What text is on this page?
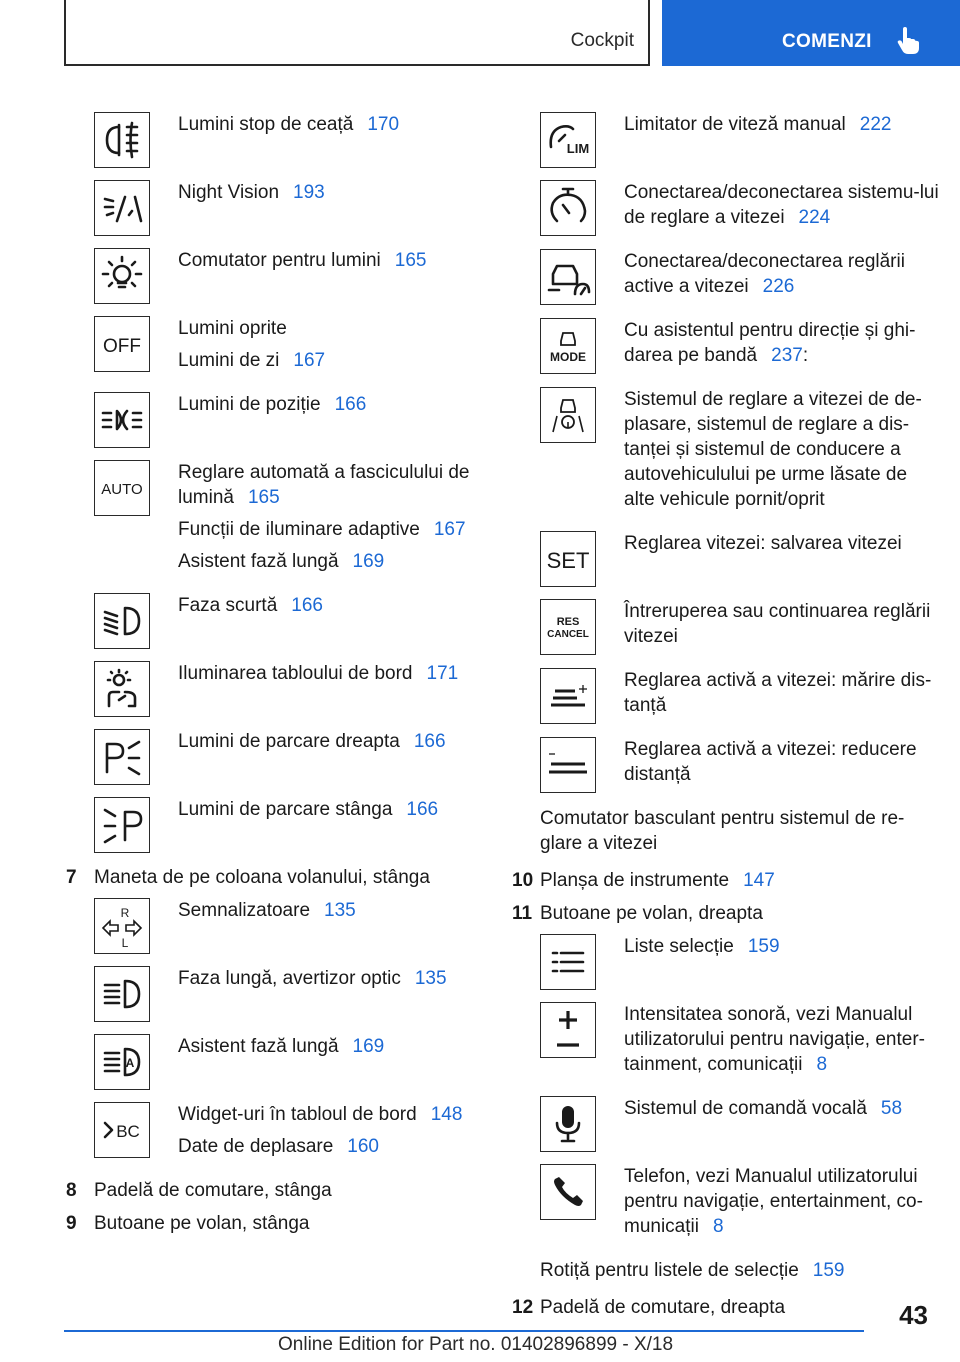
Cockpit	COMENZI

Lumini stop de ceață 170

Night Vision 193

Comutator pentru lumini 165

OFF

Lumini oprite

Lumini de zi 167

Lumini de poziție 166

AUTO

Reglare automată a fasciculului de lumină 165

Funcții de iluminare adaptive 167

Asistent fază lungă 169

Faza scurtă 166

Iluminarea tabloului de bord 171

Lumini de parcare dreapta 166

Lumini de parcare stânga 166

7 Maneta de pe coloana volanului, stânga
R
L

Semnalizatoare 135

Faza lungă, avertizor optic 135

A

Asistent fază lungă 169

BC

Widget-uri în tabloul de bord 148

Date de deplasare 160

8 Padelă de comutare, stânga
9 Butoane pe volan, stânga
LIM

Limitator de viteză manual 222

Conectarea/deconectarea sistemu-lui de reglare a vitezei 224

Conectarea/deconectarea reglării active a vitezei 226

MODE

Cu asistentul pentru direcție și ghi-darea pe bandă 237:

Sistemul de reglare a vitezei de de-plasare, sistemul de reglare a dis-tanței și sistemul de conducere a autovehiculului pe urme lăsate de alte vehicule pornit/oprit

SET

Reglarea vitezei: salvarea vitezei

RES
CANCEL

Întreruperea sau continuarea reglării vitezei

Reglarea activă a vitezei: mărire dis-tanță

Reglarea activă a vitezei: reducere distanță

Comutator basculant pentru sistemul de re-glare a vitezei
10 Planșa de instrumente 147
11 Butoane pe volan, dreapta

Liste selecție 159

Intensitatea sonoră, vezi Manualul utilizatorului pentru navigație, enter-tainment, comunicații 8

Sistemul de comandă vocală 58

Telefon, vezi Manualul utilizatorului pentru navigație, entertainment, co-municații 8

Rotiță pentru listele de selecție 159
12 Padelă de comutare, dreapta	43
Online Edition for Part no. 01402896899 - X/18
